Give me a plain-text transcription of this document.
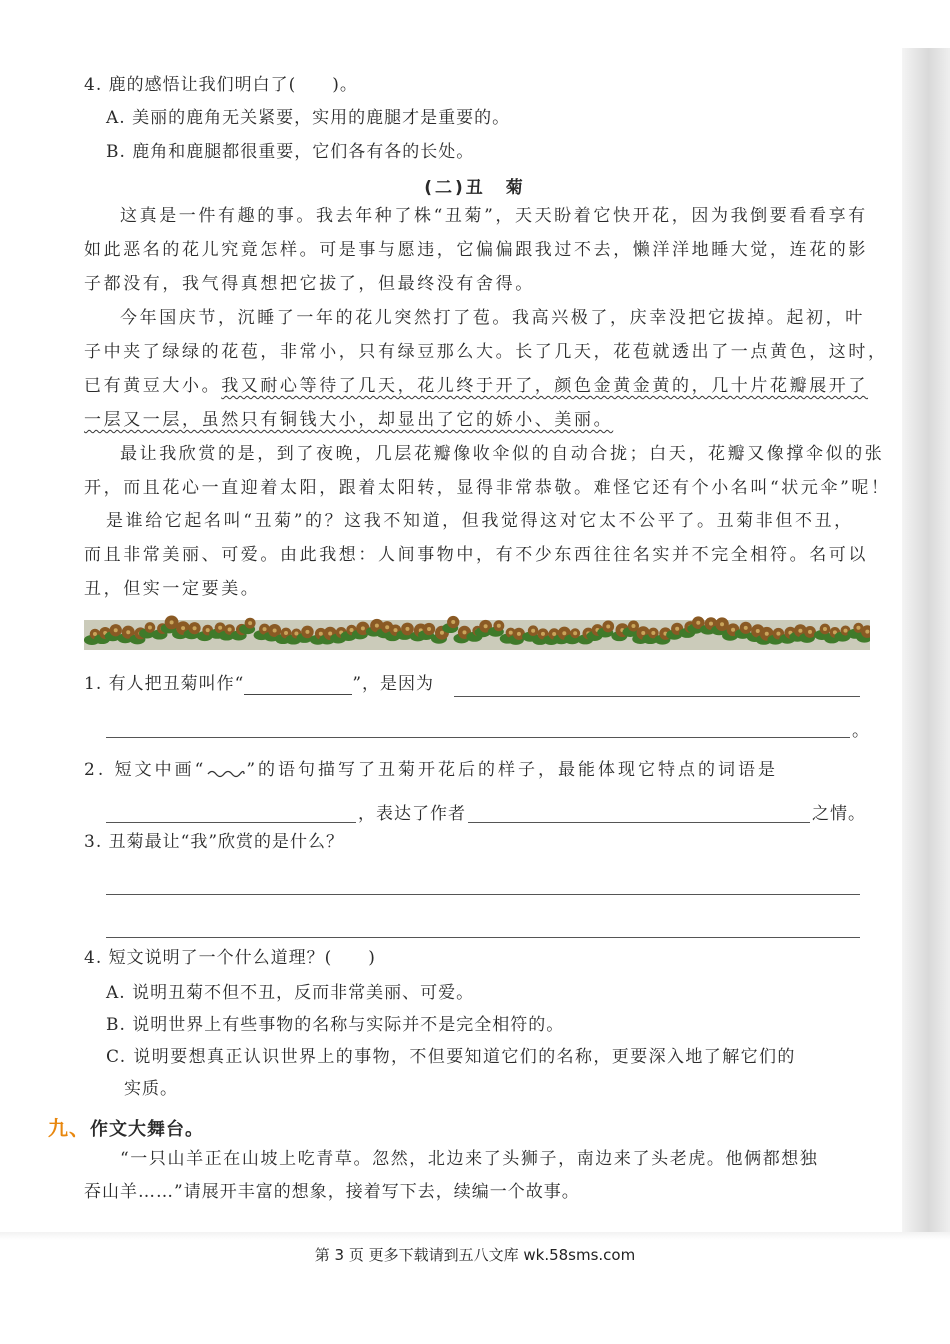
4. 鹿的感悟让我们明白了(　　)。
A. 美丽的鹿角无关紧要，实用的鹿腿才是重要的。
B. 鹿角和鹿腿都很重要，它们各有各的长处。
(二)丑　菊
这真是一件有趣的事。我去年种了株“丑菊”，天天盼着它快开花，因为我倒要看看享有
如此恶名的花儿究竟怎样。可是事与愿违，它偏偏跟我过不去，懒洋洋地睡大觉，连花的影
子都没有，我气得真想把它拔了，但最终没有舍得。
今年国庆节，沉睡了一年的花儿突然打了苞。我高兴极了，庆幸没把它拔掉。起初，叶
子中夹了绿绿的花苞，非常小，只有绿豆那么大。长了几天，花苞就透出了一点黄色，这时，
已有黄豆大小。我又耐心等待了几天，花儿终于开了，颜色金黄金黄的，几十片花瓣展开了
一层又一层，虽然只有铜钱大小，却显出了它的娇小、美丽。
最让我欣赏的是，到了夜晚，几层花瓣像收伞似的自动合拢；白天，花瓣又像撑伞似的张
开，而且花心一直迎着太阳，跟着太阳转，显得非常恭敬。难怪它还有个小名叫“状元伞”呢！
是谁给它起名叫“丑菊”的？这我不知道，但我觉得这对它太不公平了。丑菊非但不丑，
而且非常美丽、可爱。由此我想：人间事物中，有不少东西往往名实并不完全相符。名可以
丑，但实一定要美。
1. 有人把丑菊叫作“	”，是因为
。
2. 短文中画“ ”的语句描写了丑菊开花后的样子，最能体现它特点的词语是
，表达了作者	之情。
3. 丑菊最让“我”欣赏的是什么？
4. 短文说明了一个什么道理？(　　)
A. 说明丑菊不但不丑，反而非常美丽、可爱。
B. 说明世界上有些事物的名称与实际并不是完全相符的。
C. 说明要想真正认识世界上的事物，不但要知道它们的名称，更要深入地了解它们的
实质。
九、作文大舞台。
“一只山羊正在山坡上吃青草。忽然，北边来了头狮子，南边来了头老虎。他俩都想独
吞山羊……”请展开丰富的想象，接着写下去，续编一个故事。
第 3 页 更多下载请到五八文库 wk.58sms.com
